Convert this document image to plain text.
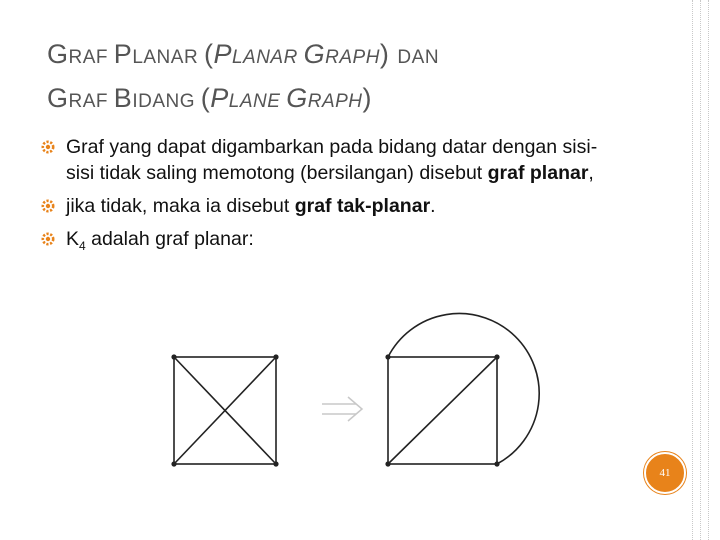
GRAF PLANAR (PLANAR GRAPH) DAN
GRAF BIDANG (PLANE GRAPH)
Graf yang dapat digambarkan pada bidang datar dengan sisi-sisi tidak saling memotong (bersilangan) disebut graf planar,
jika tidak, maka ia disebut graf tak-planar.
$K_4$ adalah graf planar:
41
